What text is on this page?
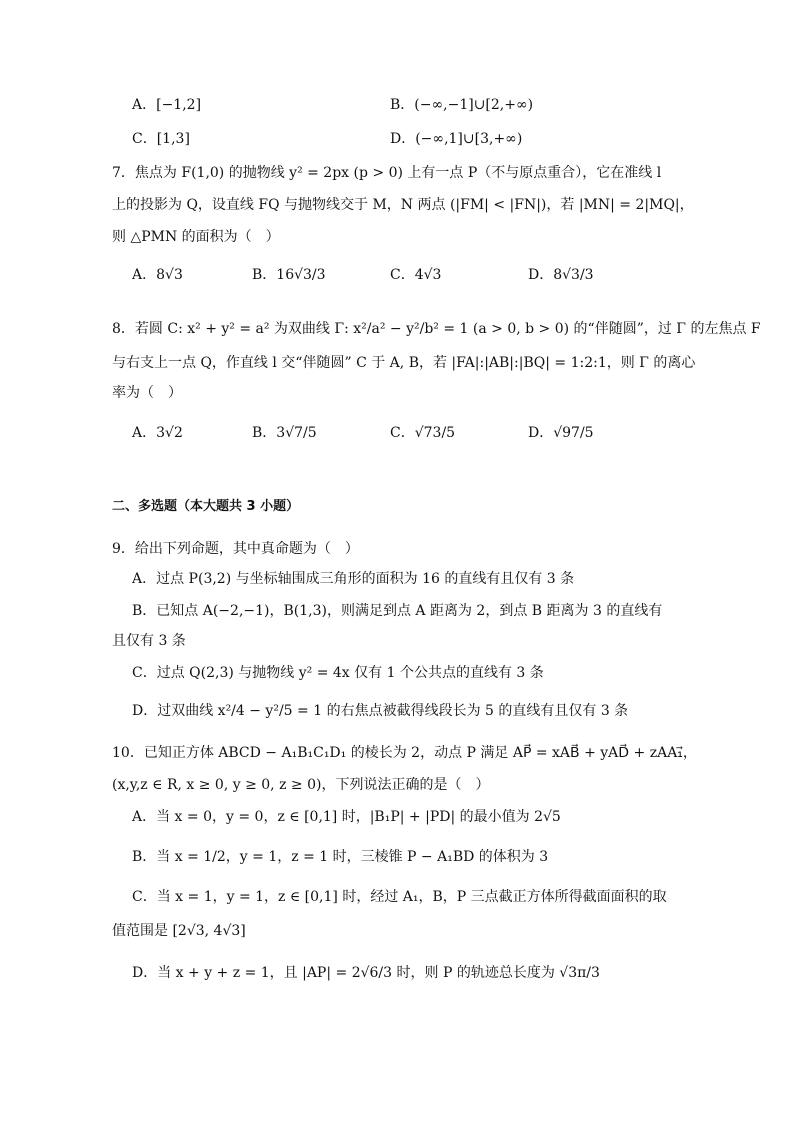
A．[−1,2]	B．(−∞,−1]∪[2,+∞)
C．[1,3]	D．(−∞,1]∪[3,+∞)
7．焦点为 F(1,0) 的抛物线 y² = 2px (p > 0) 上有一点 P（不与原点重合），它在准线 l
上的投影为 Q，设直线 FQ 与抛物线交于 M，N 两点 (|FM| < |FN|)，若 |MN| = 2|MQ|，
则 △PMN 的面积为（　）
A．8√3	B．16√3/3	C．4√3	D．8√3/3
8．若圆 C: x² + y² = a² 为双曲线 Γ: x²/a² − y²/b² = 1 (a > 0, b > 0) 的“伴随圆”，过 Γ 的左焦点 F
与右支上一点 Q，作直线 l 交“伴随圆” C 于 A, B，若 |FA|:|AB|:|BQ| = 1:2:1，则 Γ 的离心
率为（　）
A．3√2	B．3√7/5	C．√73/5	D．√97/5
二、多选题（本大题共 3 小题）
9．给出下列命题，其中真命题为（　）
A．过点 P(3,2) 与坐标轴围成三角形的面积为 16 的直线有且仅有 3 条
B．已知点 A(−2,−1)，B(1,3)，则满足到点 A 距离为 2，到点 B 距离为 3 的直线有
且仅有 3 条
C．过点 Q(2,3) 与抛物线 y² = 4x 仅有 1 个公共点的直线有 3 条
D．过双曲线 x²/4 − y²/5 = 1 的右焦点被截得线段长为 5 的直线有且仅有 3 条
10．已知正方体 ABCD − A₁B₁C₁D₁ 的棱长为 2，动点 P 满足 AP⃗ = xAB⃗ + yAD⃗ + zAA₁⃗，
(x,y,z ∈ R, x ≥ 0, y ≥ 0, z ≥ 0)，下列说法正确的是（　）
A．当 x = 0，y = 0，z ∈ [0,1] 时，|B₁P| + |PD| 的最小值为 2√5
B．当 x = 1/2，y = 1，z = 1 时，三棱锥 P − A₁BD 的体积为 3
C．当 x = 1，y = 1，z ∈ [0,1] 时，经过 A₁，B，P 三点截正方体所得截面面积的取
值范围是 [2√3, 4√3]
D．当 x + y + z = 1，且 |AP| = 2√6/3 时，则 P 的轨迹总长度为 √3π/3
